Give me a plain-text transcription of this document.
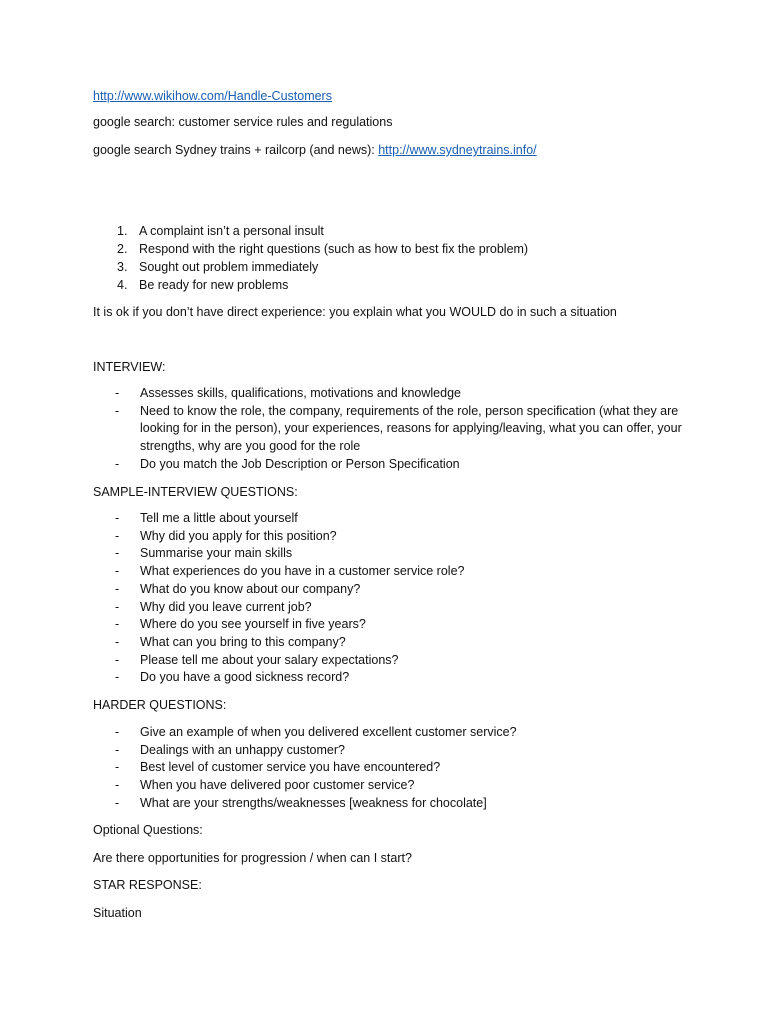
http://www.wikihow.com/Handle-Customers
google search: customer service rules and regulations
google search Sydney trains + railcorp (and news): http://www.sydneytrains.info/
1. A complaint isn’t a personal insult
2. Respond with the right questions (such as how to best fix the problem)
3. Sought out problem immediately
4. Be ready for new problems
It is ok if you don’t have direct experience: you explain what you WOULD do in such a situation
INTERVIEW:
- Assesses skills, qualifications, motivations and knowledge
- Need to know the role, the company, requirements of the role, person specification (what they are looking for in the person), your experiences, reasons for applying/leaving, what you can offer, your strengths, why are you good for the role
- Do you match the Job Description or Person Specification
SAMPLE-INTERVIEW QUESTIONS:
- Tell me a little about yourself
- Why did you apply for this position?
- Summarise your main skills
- What experiences do you have in a customer service role?
- What do you know about our company?
- Why did you leave current job?
- Where do you see yourself in five years?
- What can you bring to this company?
- Please tell me about your salary expectations?
- Do you have a good sickness record?
HARDER QUESTIONS:
- Give an example of when you delivered excellent customer service?
- Dealings with an unhappy customer?
- Best level of customer service you have encountered?
- When you have delivered poor customer service?
- What are your strengths/weaknesses [weakness for chocolate]
Optional Questions:
Are there opportunities for progression / when can I start?
STAR RESPONSE:
Situation
